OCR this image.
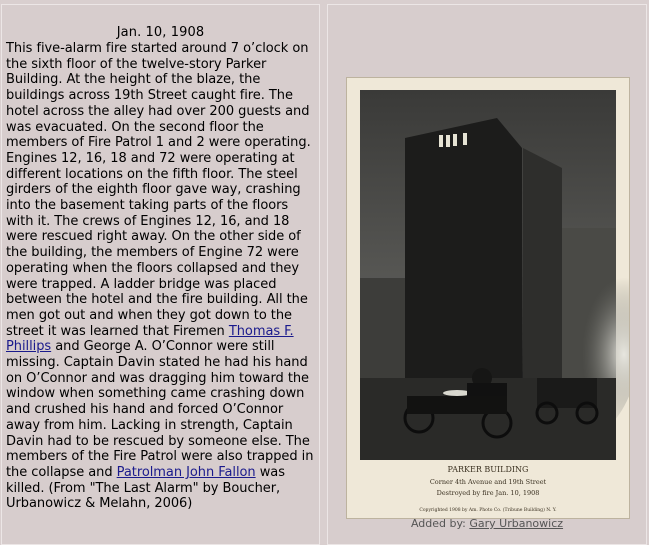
Jan. 10, 1908
This five-alarm fire started around 7 o’clock on the sixth floor of the twelve-story Parker Building. At the height of the blaze, the buildings across 19th Street caught fire. The hotel across the alley had over 200 guests and was evacuated. On the second floor the members of Fire Patrol 1 and 2 were operating. Engines 12, 16, 18 and 72 were operating at different locations on the fifth floor. The steel girders of the eighth floor gave way, crashing into the basement taking parts of the floors with it. The crews of Engines 12, 16, and 18 were rescued right away. On the other side of the building, the members of Engine 72 were operating when the floors collapsed and they were trapped. A ladder bridge was placed between the hotel and the fire building. All the men got out and when they got down to the street it was learned that Firemen Thomas F. Phillips and George A. O’Connor were still missing. Captain Davin stated he had his hand on O’Connor and was dragging him toward the window when something came crashing down and crushed his hand and forced O’Connor away from him. Lacking in strength, Captain Davin had to be rescued by someone else. The members of the Fire Patrol were also trapped in the collapse and Patrolman John Fallon was killed. (From "The Last Alarm" by Boucher, Urbanowicz & Melahn, 2006)
PARKER BUILDING
Corner 4th Avenue and 19th Street
Destroyed by fire Jan. 10, 1908
Copyrighted 1908 by Am. Photo Co. (Tribune Building) N. Y.
Added by: Gary Urbanowicz
